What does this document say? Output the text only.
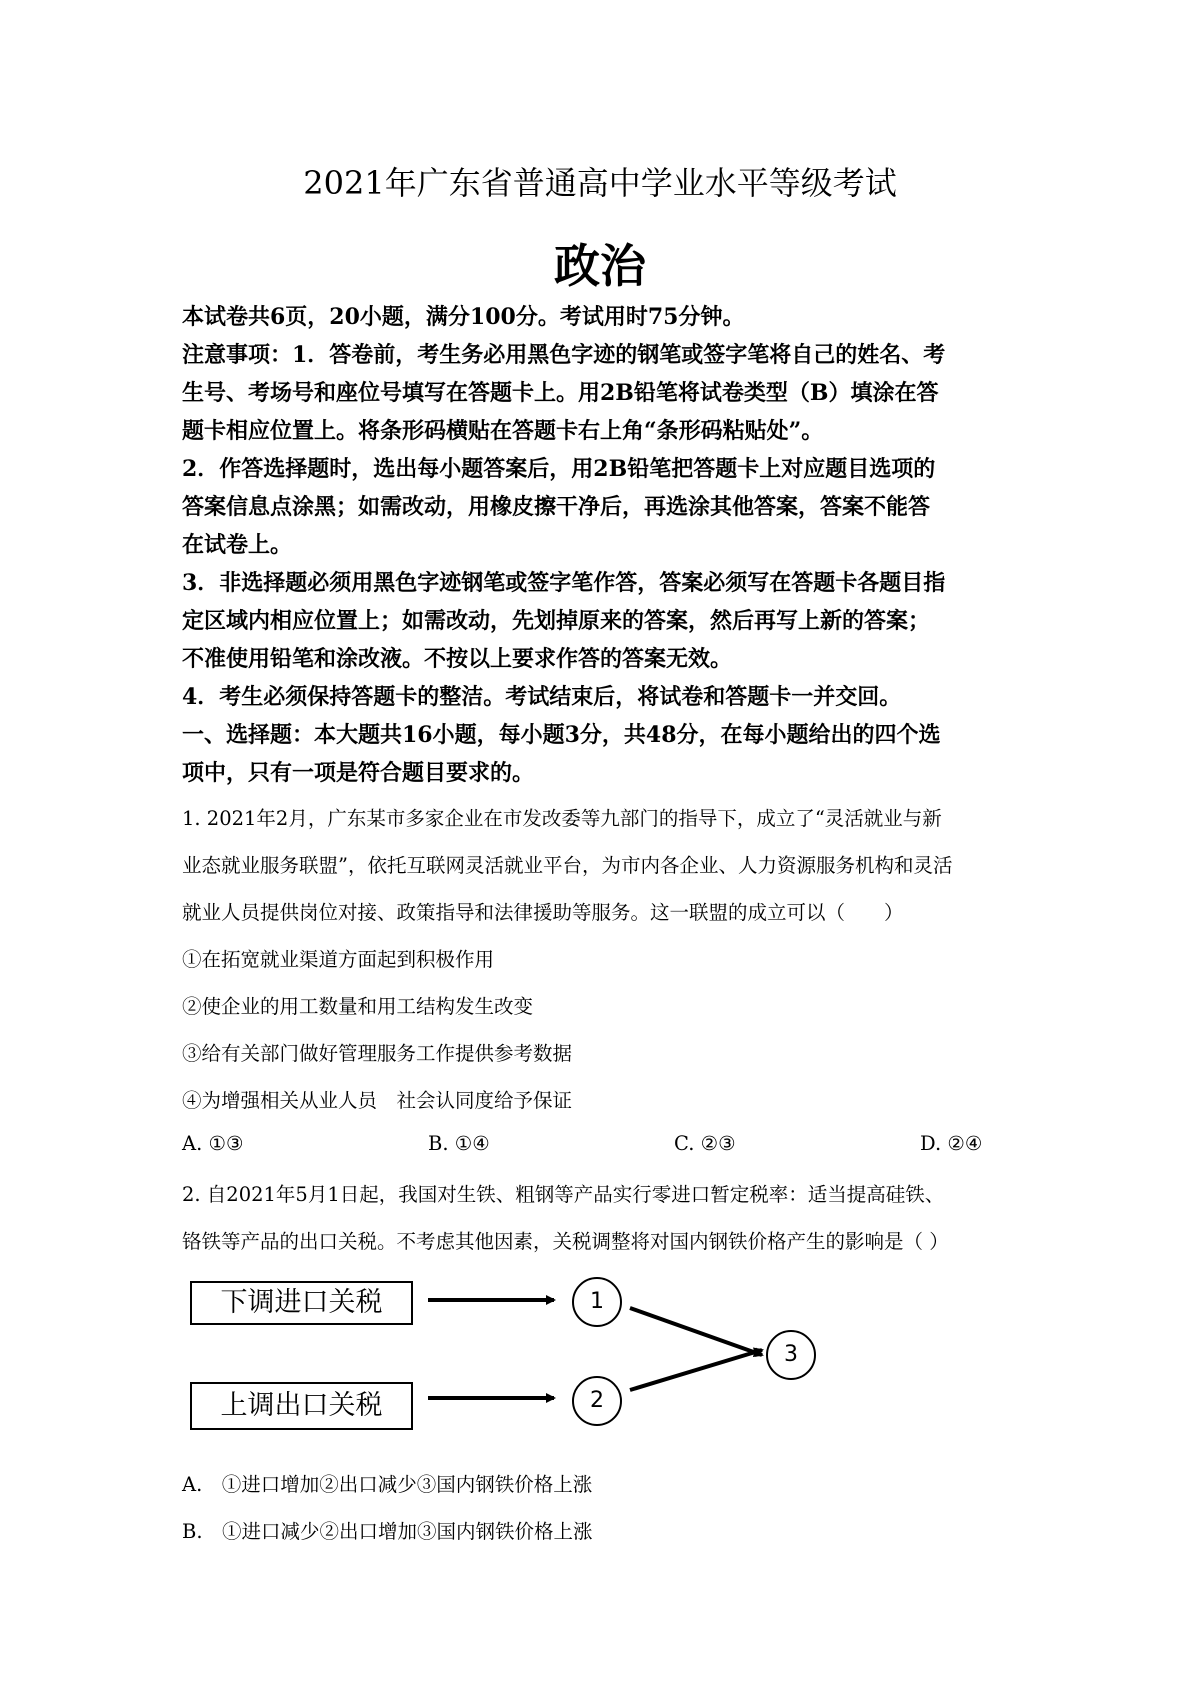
2021年广东省普通高中学业水平等级考试
政治
本试卷共6页，20小题，满分100分。考试用时75分钟。
注意事项：1．答卷前，考生务必用黑色字迹的钢笔或签字笔将自己的姓名、考
生号、考场号和座位号填写在答题卡上。用2B铅笔将试卷类型（B）填涂在答
题卡相应位置上。将条形码横贴在答题卡右上角“条形码粘贴处”。
2．作答选择题时，选出每小题答案后，用2B铅笔把答题卡上对应题目选项的
答案信息点涂黑；如需改动，用橡皮擦干净后，再选涂其他答案，答案不能答
在试卷上。
3．非选择题必须用黑色字迹钢笔或签字笔作答，答案必须写在答题卡各题目指
定区域内相应位置上；如需改动，先划掉原来的答案，然后再写上新的答案；
不准使用铅笔和涂改液。不按以上要求作答的答案无效。
4．考生必须保持答题卡的整洁。考试结束后，将试卷和答题卡一并交回。
一、选择题：本大题共16小题，每小题3分，共48分，在每小题给出的四个选
项中，只有一项是符合题目要求的。
1. 2021年2月，广东某市多家企业在市发改委等九部门的指导下，成立了“灵活就业与新
业态就业服务联盟”，依托互联网灵活就业平台，为市内各企业、人力资源服务机构和灵活
就业人员提供岗位对接、政策指导和法律援助等服务。这一联盟的成立可以（　　）
①在拓宽就业渠道方面起到积极作用
②使企业的用工数量和用工结构发生改变
③给有关部门做好管理服务工作提供参考数据
④为增强相关从业人员　社会认同度给予保证
A. ①③	B. ①④	C. ②③	D. ②④
2. 自2021年5月1日起，我国对生铁、粗钢等产品实行零进口暂定税率：适当提高硅铁、
铬铁等产品的出口关税。不考虑其他因素，关税调整将对国内钢铁价格产生的影响是（ ）
下调进口关税
上调出口关税
1
2
3
A.　①进口增加②出口减少③国内钢铁价格上涨
B.　①进口减少②出口增加③国内钢铁价格上涨
